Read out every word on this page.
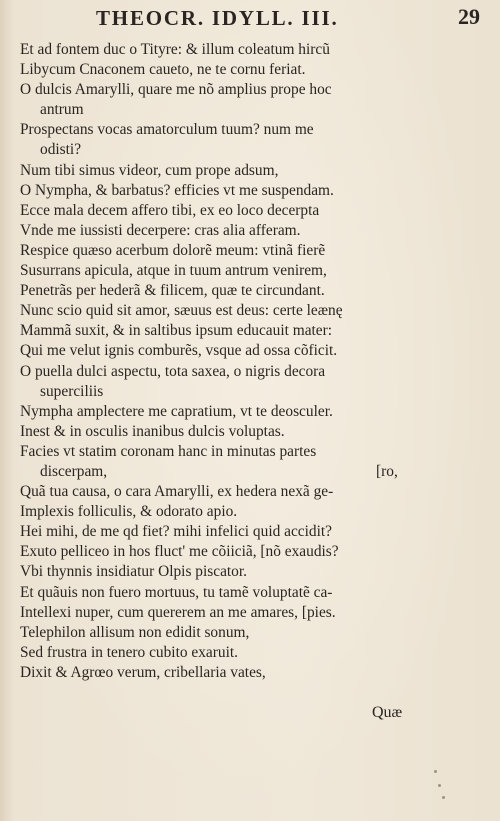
THEOCR. IDYLL. III.	29
Et ad fontem duc o Tityre: & illum coleatum hircũ
Libycum Cnaconem caueto, ne te cornu feriat.
O dulcis Amarylli, quare me nõ amplius prope hoc
antrum
Prospectans vocas amatorculum tuum? num me
odisti?
Num tibi simus videor, cum prope adsum,
O Nympha, & barbatus? efficies vt me suspendam.
Ecce mala decem affero tibi, ex eo loco decerpta
Vnde me iussisti decerpere: cras alia afferam.
Respice quæso acerbum dolorẽ meum: vtinã fierẽ
Susurrans apicula, atque in tuum antrum venirem,
Penetrãs per hederã & filicem, quæ te circundant.
Nunc scio quid sit amor, sæuus est deus: certe leænę
Mammã suxit, & in saltibus ipsum educauit mater:
Qui me velut ignis comburẽs, vsque ad ossa cõficit.
O puella dulci aspectu, tota saxea, o nigris decora
superciliis
Nympha amplectere me capratium, vt te deosculer.
Inest & in osculis inanibus dulcis voluptas.
Facies vt statim coronam hanc in minutas partes
discerpam,	[ro,
Quã tua causa, o cara Amarylli, ex hedera nexã ge-
Implexis folliculis, & odorato apio.
Hei mihi, de me qd fiet? mihi infelici quid accidit?
Exuto pelliceo in hos fluct' me cõiiciã, [nõ exaudis?
Vbi thynnis insidiatur Olpis piscator.
Et quãuis non fuero mortuus, tu tamẽ voluptatẽ ca-
Intellexi nuper, cum quererem an me amares, [pies.
Telephilon allisum non edidit sonum,
Sed frustra in tenero cubito exaruit.
Dixit & Agrœo verum, cribellaria vates,
Quæ
